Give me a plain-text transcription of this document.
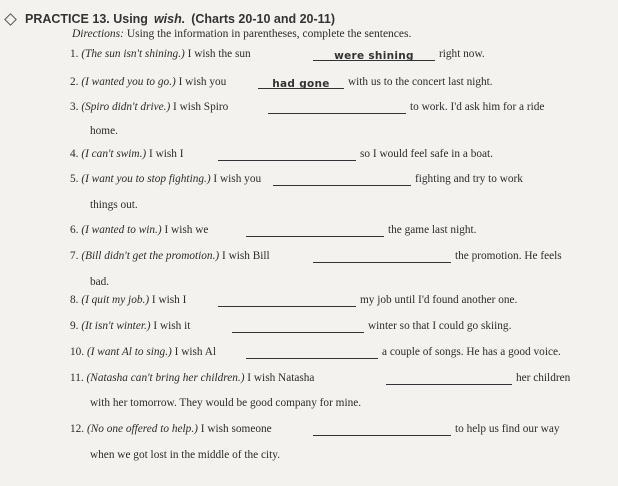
PRACTICE 13. Using wish. (Charts 20-10 and 20-11)
Directions: Using the information in parentheses, complete the sentences.
1. (The sun isn't shining.) I wish the sun	were shining	right now.
2. (I wanted you to go.) I wish you	had gone	with us to the concert last night.
3. (Spiro didn't drive.) I wish Spiro	to work. I'd ask him for a ride
home.
4. (I can't swim.) I wish I	so I would feel safe in a boat.
5. (I want you to stop fighting.) I wish you	fighting and try to work
things out.
6. (I wanted to win.) I wish we	the game last night.
7. (Bill didn't get the promotion.) I wish Bill	the promotion. He feels
bad.
8. (I quit my job.) I wish I	my job until I'd found another one.
9. (It isn't winter.) I wish it	winter so that I could go skiing.
10. (I want Al to sing.) I wish Al	a couple of songs. He has a good voice.
11. (Natasha can't bring her children.) I wish Natasha	her children
with her tomorrow. They would be good company for mine.
12. (No one offered to help.) I wish someone	to help us find our way
when we got lost in the middle of the city.
